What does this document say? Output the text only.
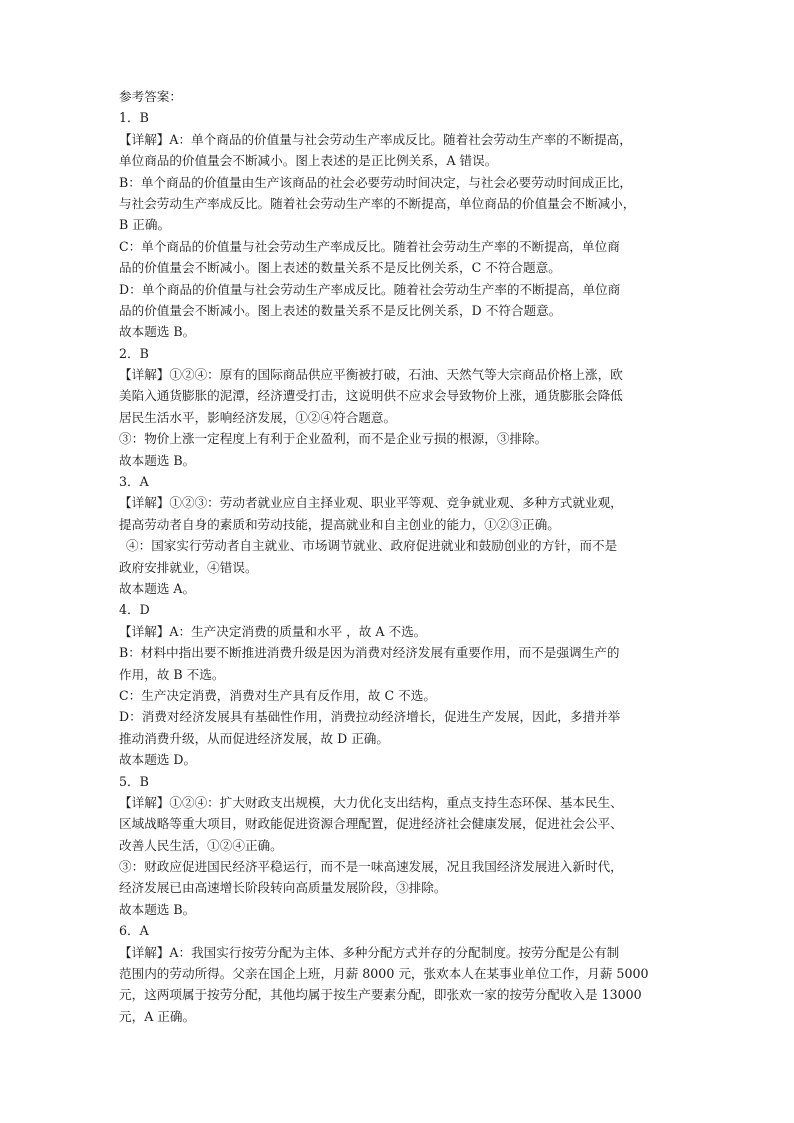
参考答案：
1．B
【详解】A：单个商品的价值量与社会劳动生产率成反比。随着社会劳动生产率的不断提高，
单位商品的价值量会不断减小。图上表述的是正比例关系，A 错误。
B：单个商品的价值量由生产该商品的社会必要劳动时间决定，与社会必要劳动时间成正比，
与社会劳动生产率成反比。随着社会劳动生产率的不断提高，单位商品的价值量会不断减小，
B 正确。
C：单个商品的价值量与社会劳动生产率成反比。随着社会劳动生产率的不断提高，单位商
品的价值量会不断减小。图上表述的数量关系不是反比例关系，C 不符合题意。
D：单个商品的价值量与社会劳动生产率成反比。随着社会劳动生产率的不断提高，单位商
品的价值量会不断减小。图上表述的数量关系不是反比例关系，D 不符合题意。
故本题选 B。
2．B
【详解】①②④：原有的国际商品供应平衡被打破，石油、天然气等大宗商品价格上涨，欧
美陷入通货膨胀的泥潭，经济遭受打击，这说明供不应求会导致物价上涨，通货膨胀会降低
居民生活水平，影响经济发展，①②④符合题意。
③：物价上涨一定程度上有利于企业盈利，而不是企业亏损的根源，③排除。
故本题选 B。
3．A
【详解】①②③：劳动者就业应自主择业观、职业平等观、竞争就业观、多种方式就业观，
提高劳动者自身的素质和劳动技能，提高就业和自主创业的能力，①②③正确。
④：国家实行劳动者自主就业、市场调节就业、政府促进就业和鼓励创业的方针，而不是
政府安排就业，④错误。
故本题选 A。
4．D
【详解】A：生产决定消费的质量和水平 ，故 A 不选。
B：材料中指出要不断推进消费升级是因为消费对经济发展有重要作用，而不是强调生产的
作用，故 B 不选。
C：生产决定消费，消费对生产具有反作用，故 C 不选。
D：消费对经济发展具有基础性作用，消费拉动经济增长，促进生产发展，因此，多措并举
推动消费升级，从而促进经济发展，故 D 正确。
故本题选 D。
5．B
【详解】①②④：扩大财政支出规模，大力优化支出结构，重点支持生态环保、基本民生、
区域战略等重大项目，财政能促进资源合理配置，促进经济社会健康发展，促进社会公平、
改善人民生活，①②④正确。
③：财政应促进国民经济平稳运行，而不是一味高速发展，况且我国经济发展进入新时代，
经济发展已由高速增长阶段转向高质量发展阶段，③排除。
故本题选 B。
6．A
【详解】A：我国实行按劳分配为主体、多种分配方式并存的分配制度。按劳分配是公有制
范围内的劳动所得。父亲在国企上班，月薪 8000 元，张欢本人在某事业单位工作，月薪 5000
元，这两项属于按劳分配，其他均属于按生产要素分配，即张欢一家的按劳分配收入是 13000
元，A 正确。
